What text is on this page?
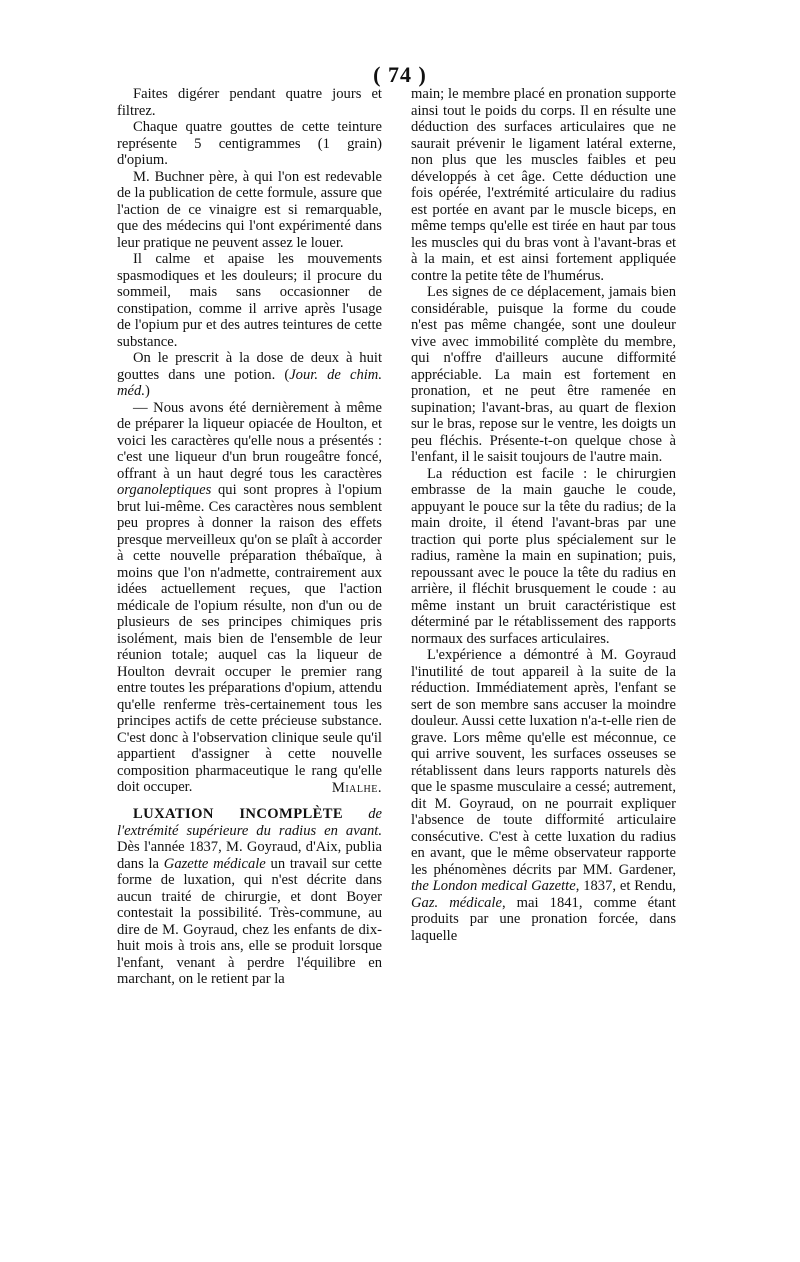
( 74 )

Faites digérer pendant quatre jours et filtrez.

Chaque quatre gouttes de cette teinture représente 5 centigrammes (1 grain) d'opium.

M. Buchner père, à qui l'on est redevable de la publication de cette formule, assure que l'action de ce vinaigre est si remarquable, que des médecins qui l'ont expérimenté dans leur pratique ne peuvent assez le louer.

Il calme et apaise les mouvements spasmodiques et les douleurs; il procure du sommeil, mais sans occasionner de constipation, comme il arrive après l'usage de l'opium pur et des autres teintures de cette substance.

On le prescrit à la dose de deux à huit gouttes dans une potion. (Jour. de chim. méd.)

— Nous avons été dernièrement à même de préparer la liqueur opiacée de Houlton, et voici les caractères qu'elle nous a présentés : c'est une liqueur d'un brun rougeâtre foncé, offrant à un haut degré tous les caractères organoleptiques qui sont propres à l'opium brut lui-même. Ces caractères nous semblent peu propres à donner la raison des effets presque merveilleux qu'on se plaît à accorder à cette nouvelle préparation thébaïque, à moins que l'on n'admette, contrairement aux idées actuellement reçues, que l'action médicale de l'opium résulte, non d'un ou de plusieurs de ses principes chimiques pris isolément, mais bien de l'ensemble de leur réunion totale; auquel cas la liqueur de Houlton devrait occuper le premier rang entre toutes les préparations d'opium, attendu qu'elle renferme très-certainement tous les principes actifs de cette précieuse substance. C'est donc à l'observation clinique seule qu'il appartient d'assigner à cette nouvelle composition pharmaceutique le rang qu'elle doit occuper.	Mialhe.

LUXATION INCOMPLÈTE de l'extrémité supérieure du radius en avant. Dès l'année 1837, M. Goyraud, d'Aix, publia dans la Gazette médicale un travail sur cette forme de luxation, qui n'est décrite dans aucun traité de chirurgie, et dont Boyer contestait la possibilité. Très-commune, au dire de M. Goyraud, chez les enfants de dix-huit mois à trois ans, elle se produit lorsque l'enfant, venant à perdre l'équilibre en marchant, on le retient par la

main; le membre placé en pronation supporte ainsi tout le poids du corps. Il en résulte une déduction des surfaces articulaires que ne saurait prévenir le ligament latéral externe, non plus que les muscles faibles et peu développés à cet âge. Cette déduction une fois opérée, l'extrémité articulaire du radius est portée en avant par le muscle biceps, en même temps qu'elle est tirée en haut par tous les muscles qui du bras vont à l'avant-bras et à la main, et est ainsi fortement appliquée contre la petite tête de l'humérus.

Les signes de ce déplacement, jamais bien considérable, puisque la forme du coude n'est pas même changée, sont une douleur vive avec immobilité complète du membre, qui n'offre d'ailleurs aucune difformité appréciable. La main est fortement en pronation, et ne peut être ramenée en supination; l'avant-bras, au quart de flexion sur le bras, repose sur le ventre, les doigts un peu fléchis. Présente-t-on quelque chose à l'enfant, il le saisit toujours de l'autre main.

La réduction est facile : le chirurgien embrasse de la main gauche le coude, appuyant le pouce sur la tête du radius; de la main droite, il étend l'avant-bras par une traction qui porte plus spécialement sur le radius, ramène la main en supination; puis, repoussant avec le pouce la tête du radius en arrière, il fléchit brusquement le coude : au même instant un bruit caractéristique est déterminé par le rétablissement des rapports normaux des surfaces articulaires.

L'expérience a démontré à M. Goyraud l'inutilité de tout appareil à la suite de la réduction. Immédiatement après, l'enfant se sert de son membre sans accuser la moindre douleur. Aussi cette luxation n'a-t-elle rien de grave. Lors même qu'elle est méconnue, ce qui arrive souvent, les surfaces osseuses se rétablissent dans leurs rapports naturels dès que le spasme musculaire a cessé; autrement, dit M. Goyraud, on ne pourrait expliquer l'absence de toute difformité articulaire consécutive. C'est à cette luxation du radius en avant, que le même observateur rapporte les phénomènes décrits par MM. Gardener, the London medical Gazette, 1837, et Rendu, Gaz. médicale, mai 1841, comme étant produits par une pronation forcée, dans laquelle
